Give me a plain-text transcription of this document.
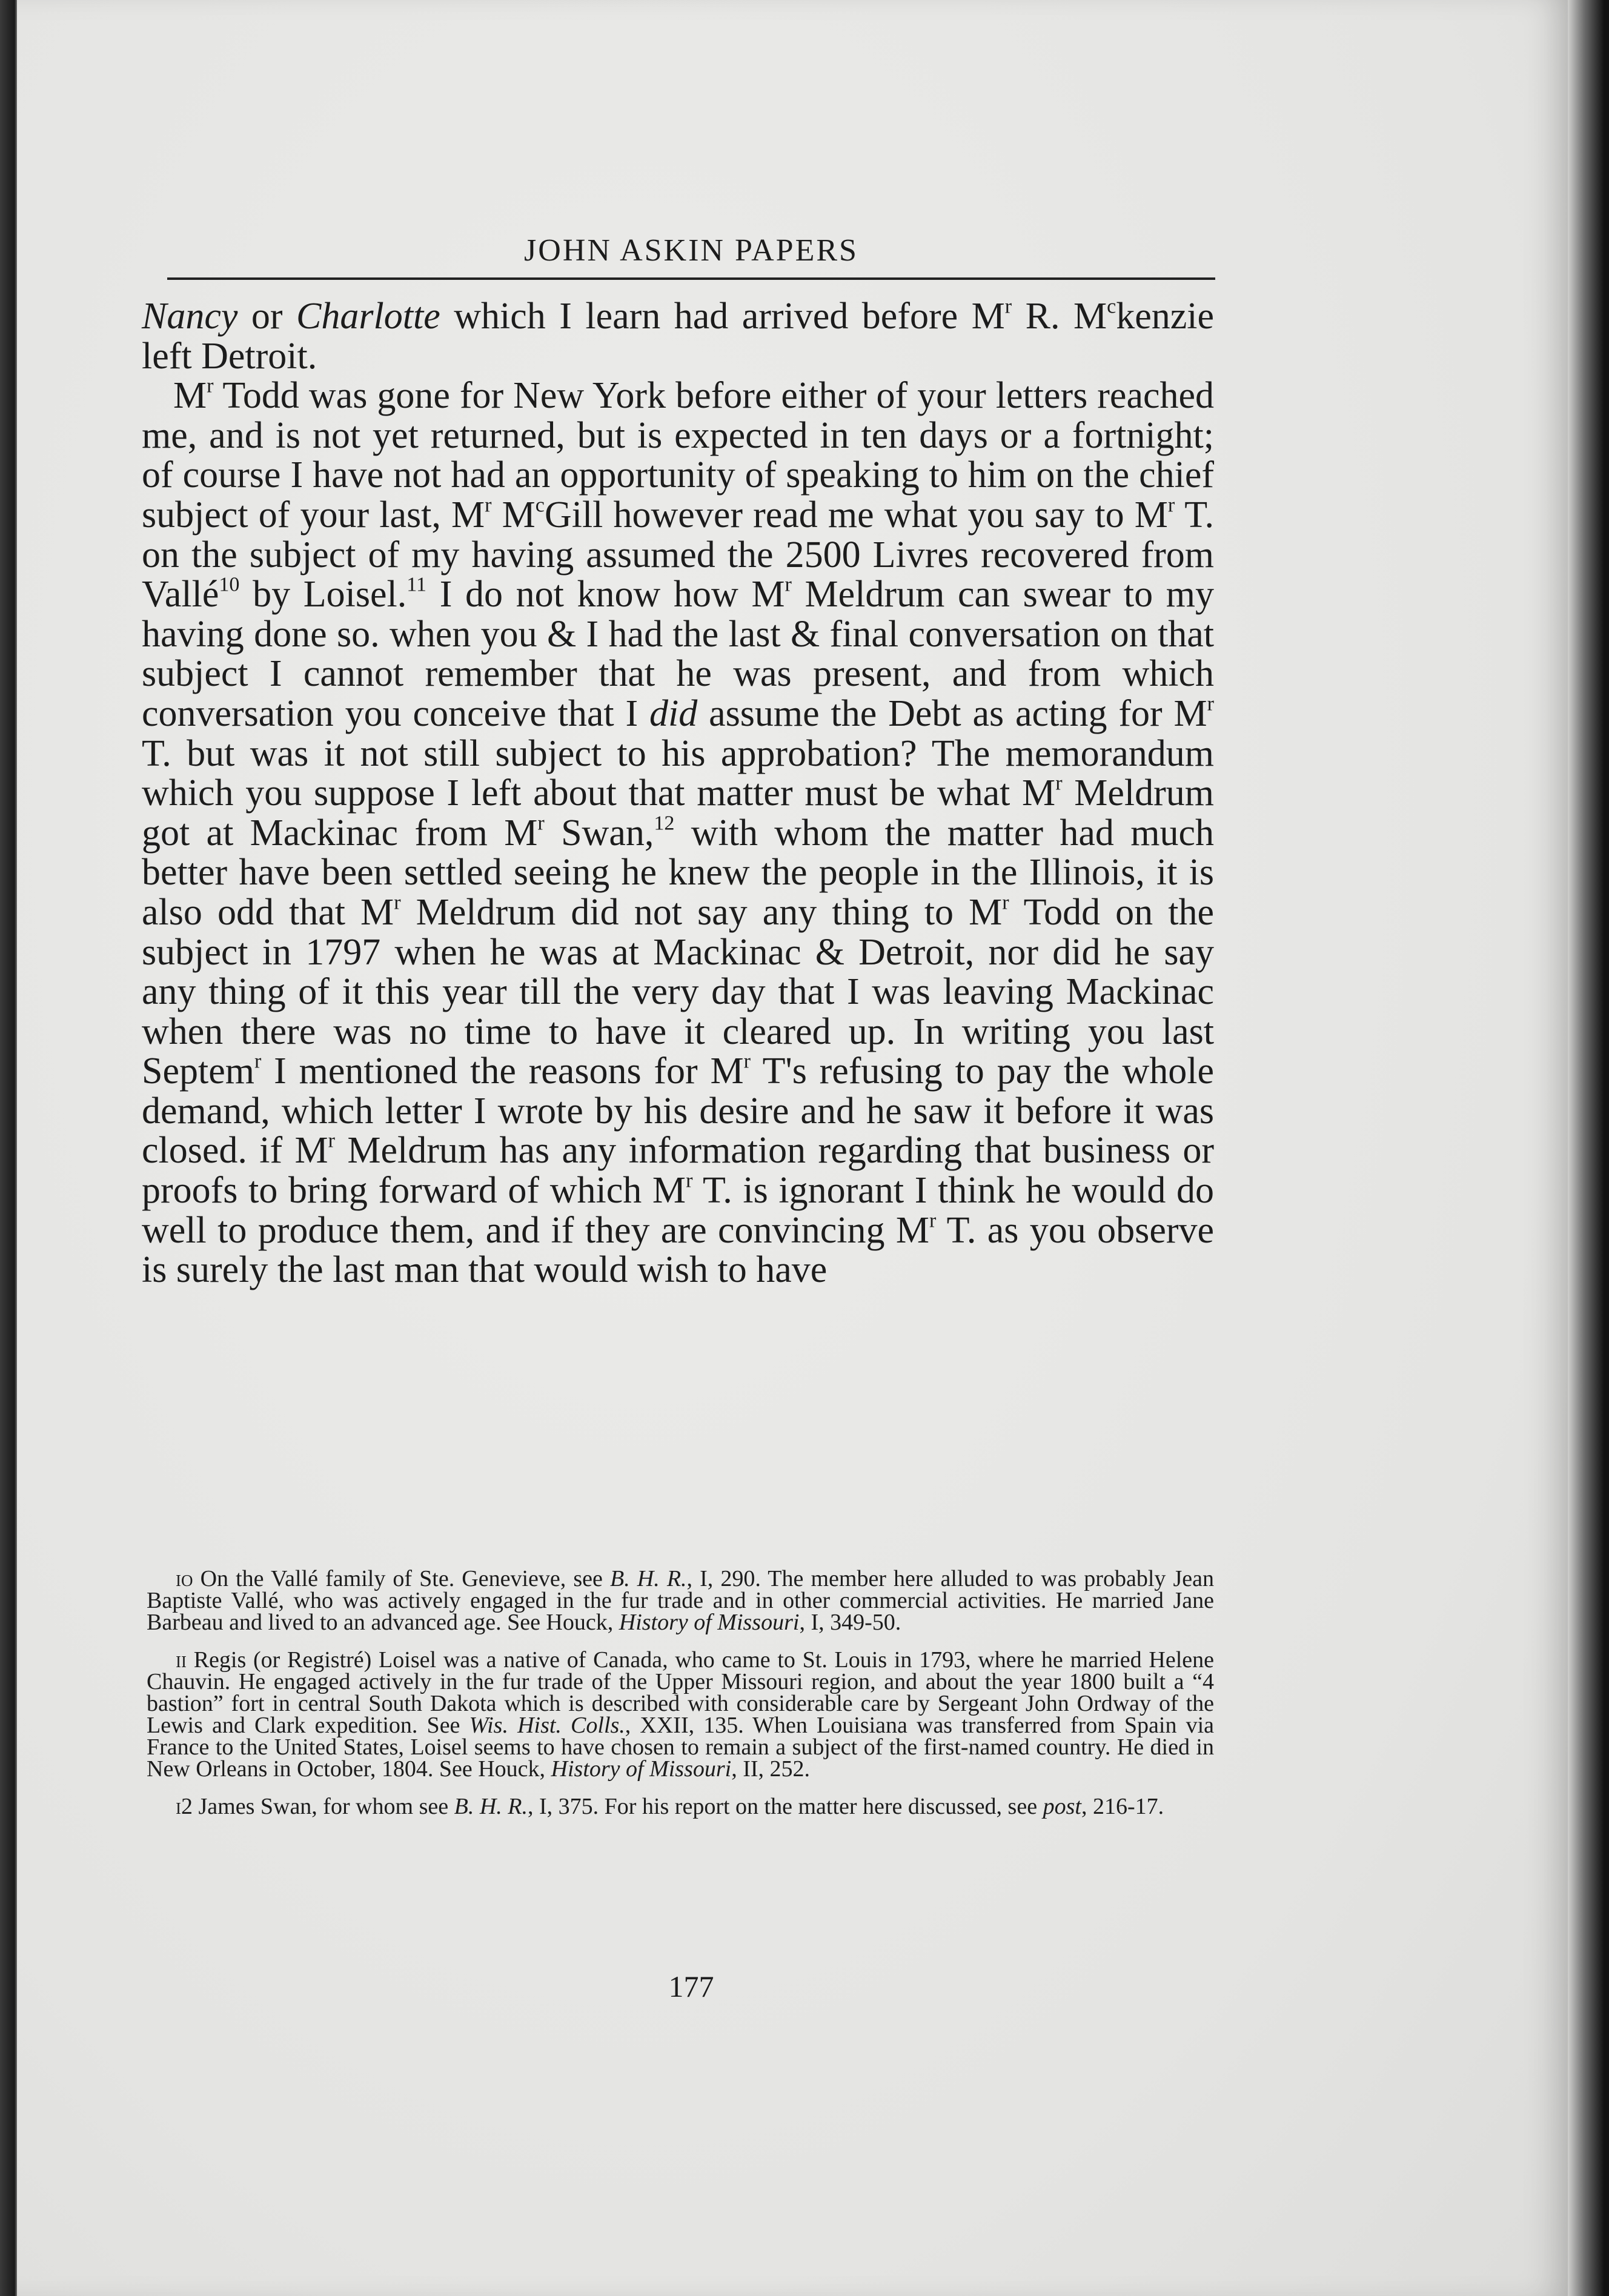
JOHN ASKIN PAPERS

Nancy or Charlotte which I learn had arrived before $M^r$ R. $M^ckenzie$ left Detroit.

$M^r$ Todd was gone for New York before either of your letters reached me, and is not yet returned, but is expected in ten days or a fortnight; of course I have not had an opportunity of speaking to him on the chief subject of your last, $M^r$ $M^cGill$ however read me what you say to $M^r$ T. on the subject of my having assumed the 2500 Livres recovered from Vallé$^{10}$ by Loisel.$^{11}$ I do not know how $M^r$ Meldrum can swear to my having done so. when you & I had the last & final conversation on that subject I cannot remember that he was present, and from which conversation you conceive that I did assume the Debt as acting for $M^r$ T. but was it not still subject to his approbation? The memorandum which you suppose I left about that matter must be what $M^r$ Meldrum got at Mackinac from $M^r$ Swan,$^{12}$ with whom the matter had much better have been settled seeing he knew the people in the Illinois, it is also odd that $M^r$ Meldrum did not say any thing to $M^r$ Todd on the subject in 1797 when he was at Mackinac & Detroit, nor did he say any thing of it this year till the very day that I was leaving Mackinac when there was no time to have it cleared up. In writing you last Septem$^r$ I mentioned the reasons for $M^r$ T's refusing to pay the whole demand, which letter I wrote by his desire and he saw it before it was closed. if $M^r$ Meldrum has any information regarding that business or proofs to bring forward of which $M^r$ T. is ignorant I think he would do well to produce them, and if they are convincing $M^r$ T. as you observe is surely the last man that would wish to have

io On the Vallé family of Ste. Genevieve, see B. H. R., I, 290. The member here alluded to was probably Jean Baptiste Vallé, who was actively engaged in the fur trade and in other commercial activities. He married Jane Barbeau and lived to an advanced age. See Houck, History of Missouri, I, 349-50.

ii Regis (or Registré) Loisel was a native of Canada, who came to St. Louis in 1793, where he married Helene Chauvin. He engaged actively in the fur trade of the Upper Missouri region, and about the year 1800 built a “4 bastion” fort in central South Dakota which is described with considerable care by Sergeant John Ordway of the Lewis and Clark expedition. See Wis. Hist. Colls., XXII, 135. When Louisiana was transferred from Spain via France to the United States, Loisel seems to have chosen to remain a subject of the first-named country. He died in New Orleans in October, 1804. See Houck, History of Missouri, II, 252.

i2 James Swan, for whom see B. H. R., I, 375. For his report on the matter here discussed, see post, 216-17.

177
